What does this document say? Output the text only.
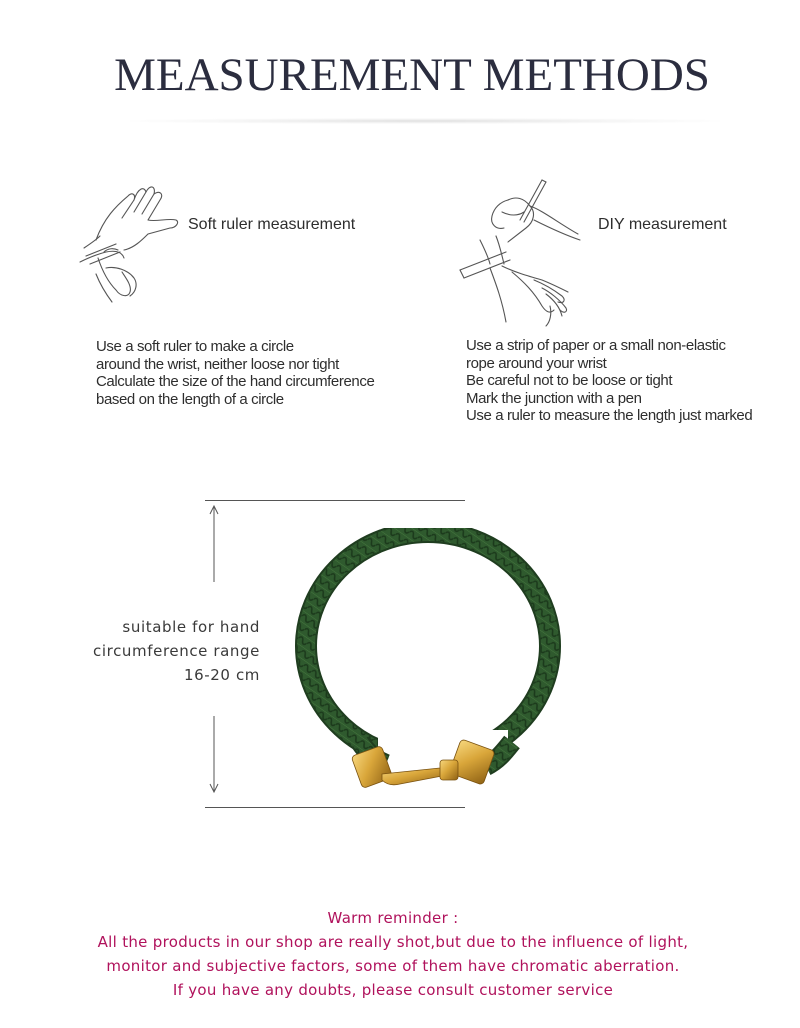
MEASUREMENT METHODS
Soft ruler measurement
Use a soft ruler to make a circle
around the wrist, neither loose nor tight
Calculate the size of the hand circumference
based on the length of a circle
DIY measurement
Use a strip of paper or a small non-elastic
rope around your wrist
Be careful not to be loose or tight
Mark the junction with a pen
Use a ruler to measure the length just marked
suitable for hand
circumference range
16-20 cm
Warm reminder :
All the products in our shop are really shot,but due to the influence of light,
monitor and subjective factors, some of them have chromatic aberration.
If you have any doubts, please consult customer service
